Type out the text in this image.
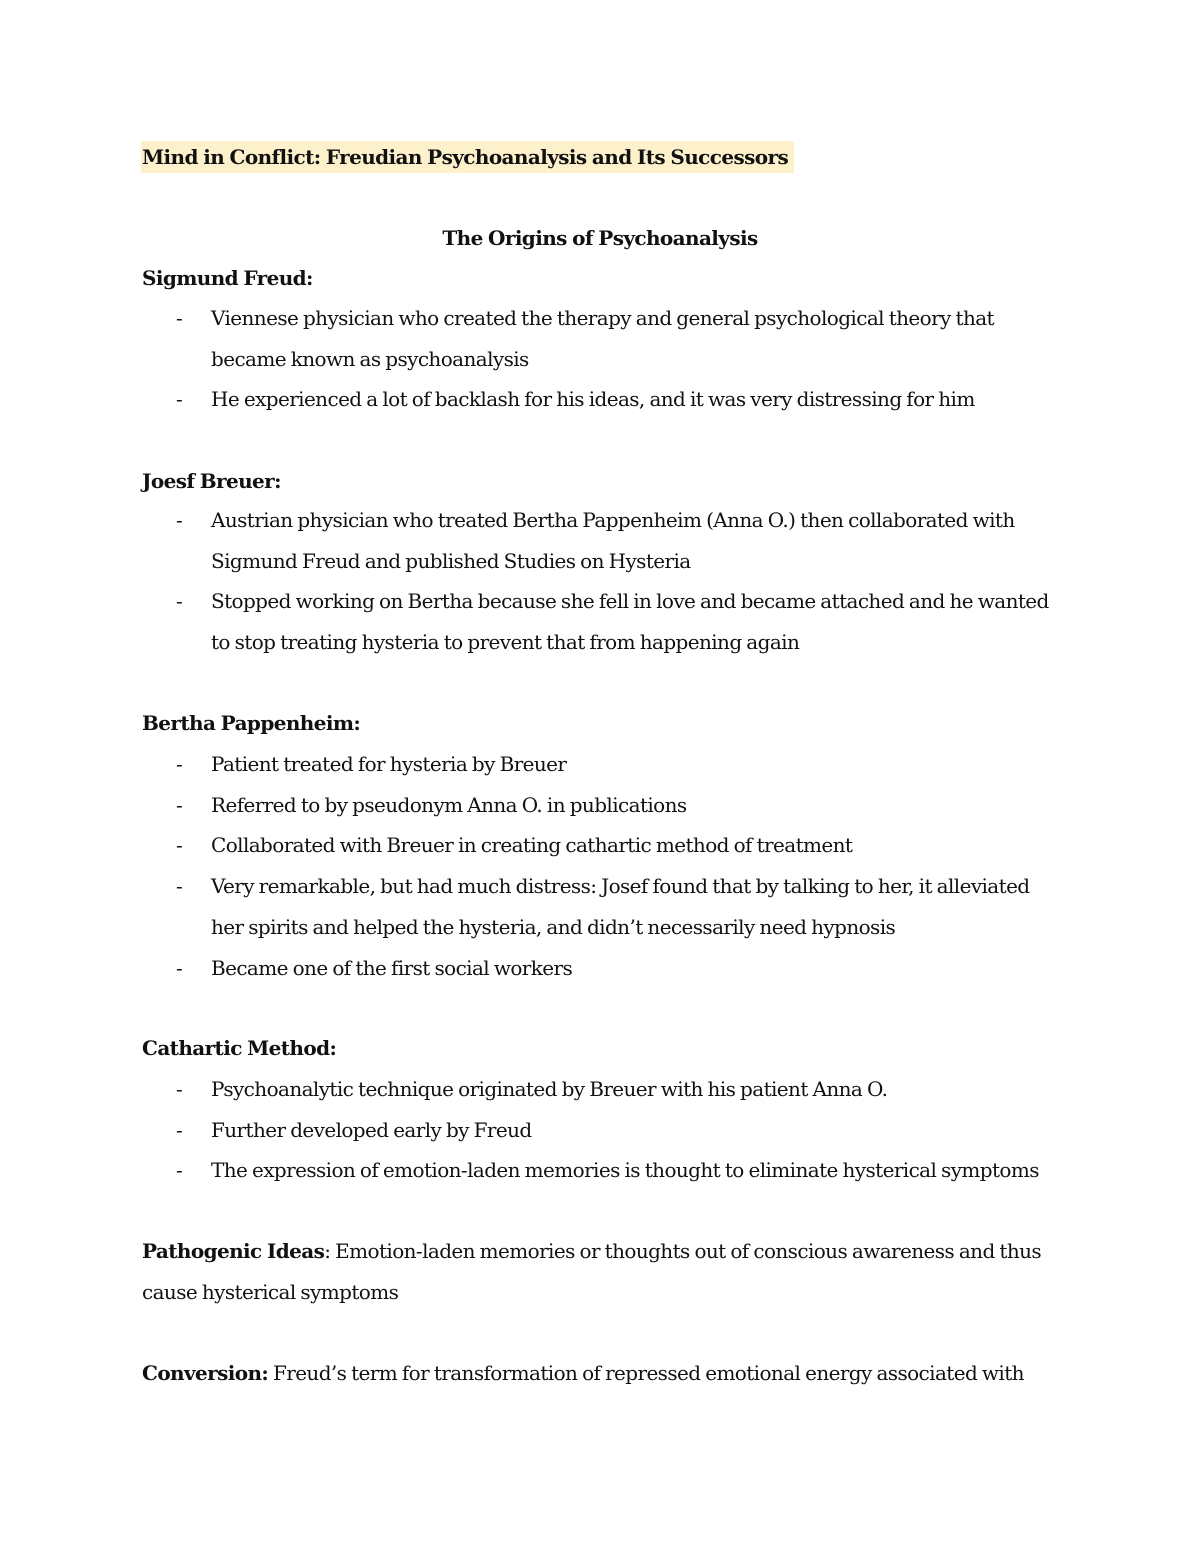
Mind in Conflict: Freudian Psychoanalysis and Its Successors
The Origins of Psychoanalysis
Sigmund Freud:
- Viennese physician who created the therapy and general psychological theory that became known as psychoanalysis
- He experienced a lot of backlash for his ideas, and it was very distressing for him
Joesf Breuer:
- Austrian physician who treated Bertha Pappenheim (Anna O.) then collaborated with Sigmund Freud and published Studies on Hysteria
- Stopped working on Bertha because she fell in love and became attached and he wanted to stop treating hysteria to prevent that from happening again
Bertha Pappenheim:
- Patient treated for hysteria by Breuer
- Referred to by pseudonym Anna O. in publications
- Collaborated with Breuer in creating cathartic method of treatment
- Very remarkable, but had much distress: Josef found that by talking to her, it alleviated her spirits and helped the hysteria, and didn’t necessarily need hypnosis
- Became one of the first social workers
Cathartic Method:
- Psychoanalytic technique originated by Breuer with his patient Anna O.
- Further developed early by Freud
- The expression of emotion-laden memories is thought to eliminate hysterical symptoms

Pathogenic Ideas: Emotion-laden memories or thoughts out of conscious awareness and thus cause hysterical symptoms

Conversion: Freud’s term for transformation of repressed emotional energy associated with
